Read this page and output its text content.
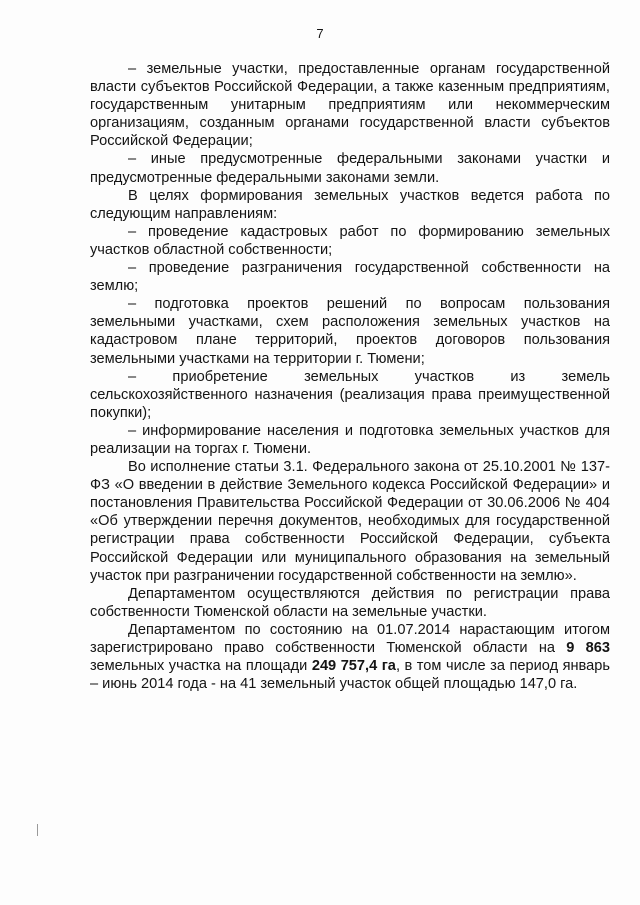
7

– земельные участки, предоставленные органам государственной власти субъектов Российской Федерации, а также казенным предприятиям, государственным унитарным предприятиям или некоммерческим организациям, созданным органами государственной власти субъектов Российской Федерации;

– иные предусмотренные федеральными законами участки и предусмотренные федеральными законами земли.

В целях формирования земельных участков ведется работа по следующим направлениям:

– проведение кадастровых работ по формированию земельных участков областной собственности;

– проведение разграничения государственной собственности на землю;

– подготовка проектов решений по вопросам пользования земельными участками, схем расположения земельных участков на кадастровом плане территорий, проектов договоров пользования земельными участками на территории г. Тюмени;

– приобретение земельных участков из земель сельскохозяйственного назначения (реализация права преимущественной покупки);

– информирование населения и подготовка земельных участков для реализации на торгах г. Тюмени.

Во исполнение статьи 3.1. Федерального закона от 25.10.2001 № 137-ФЗ «О введении в действие Земельного кодекса Российской Федерации» и постановления Правительства Российской Федерации от 30.06.2006 № 404 «Об утверждении перечня документов, необходимых для государственной регистрации права собственности Российской Федерации, субъекта Российской Федерации или муниципального образования на земельный участок при разграничении государственной собственности на землю».

Департаментом осуществляются действия по регистрации права собственности Тюменской области на земельные участки.

Департаментом по состоянию на 01.07.2014 нарастающим итогом зарегистрировано право собственности Тюменской области на 9 863 земельных участка на площади 249 757,4 га, в том числе за период январь – июнь 2014 года - на 41 земельный участок общей площадью 147,0 га.
